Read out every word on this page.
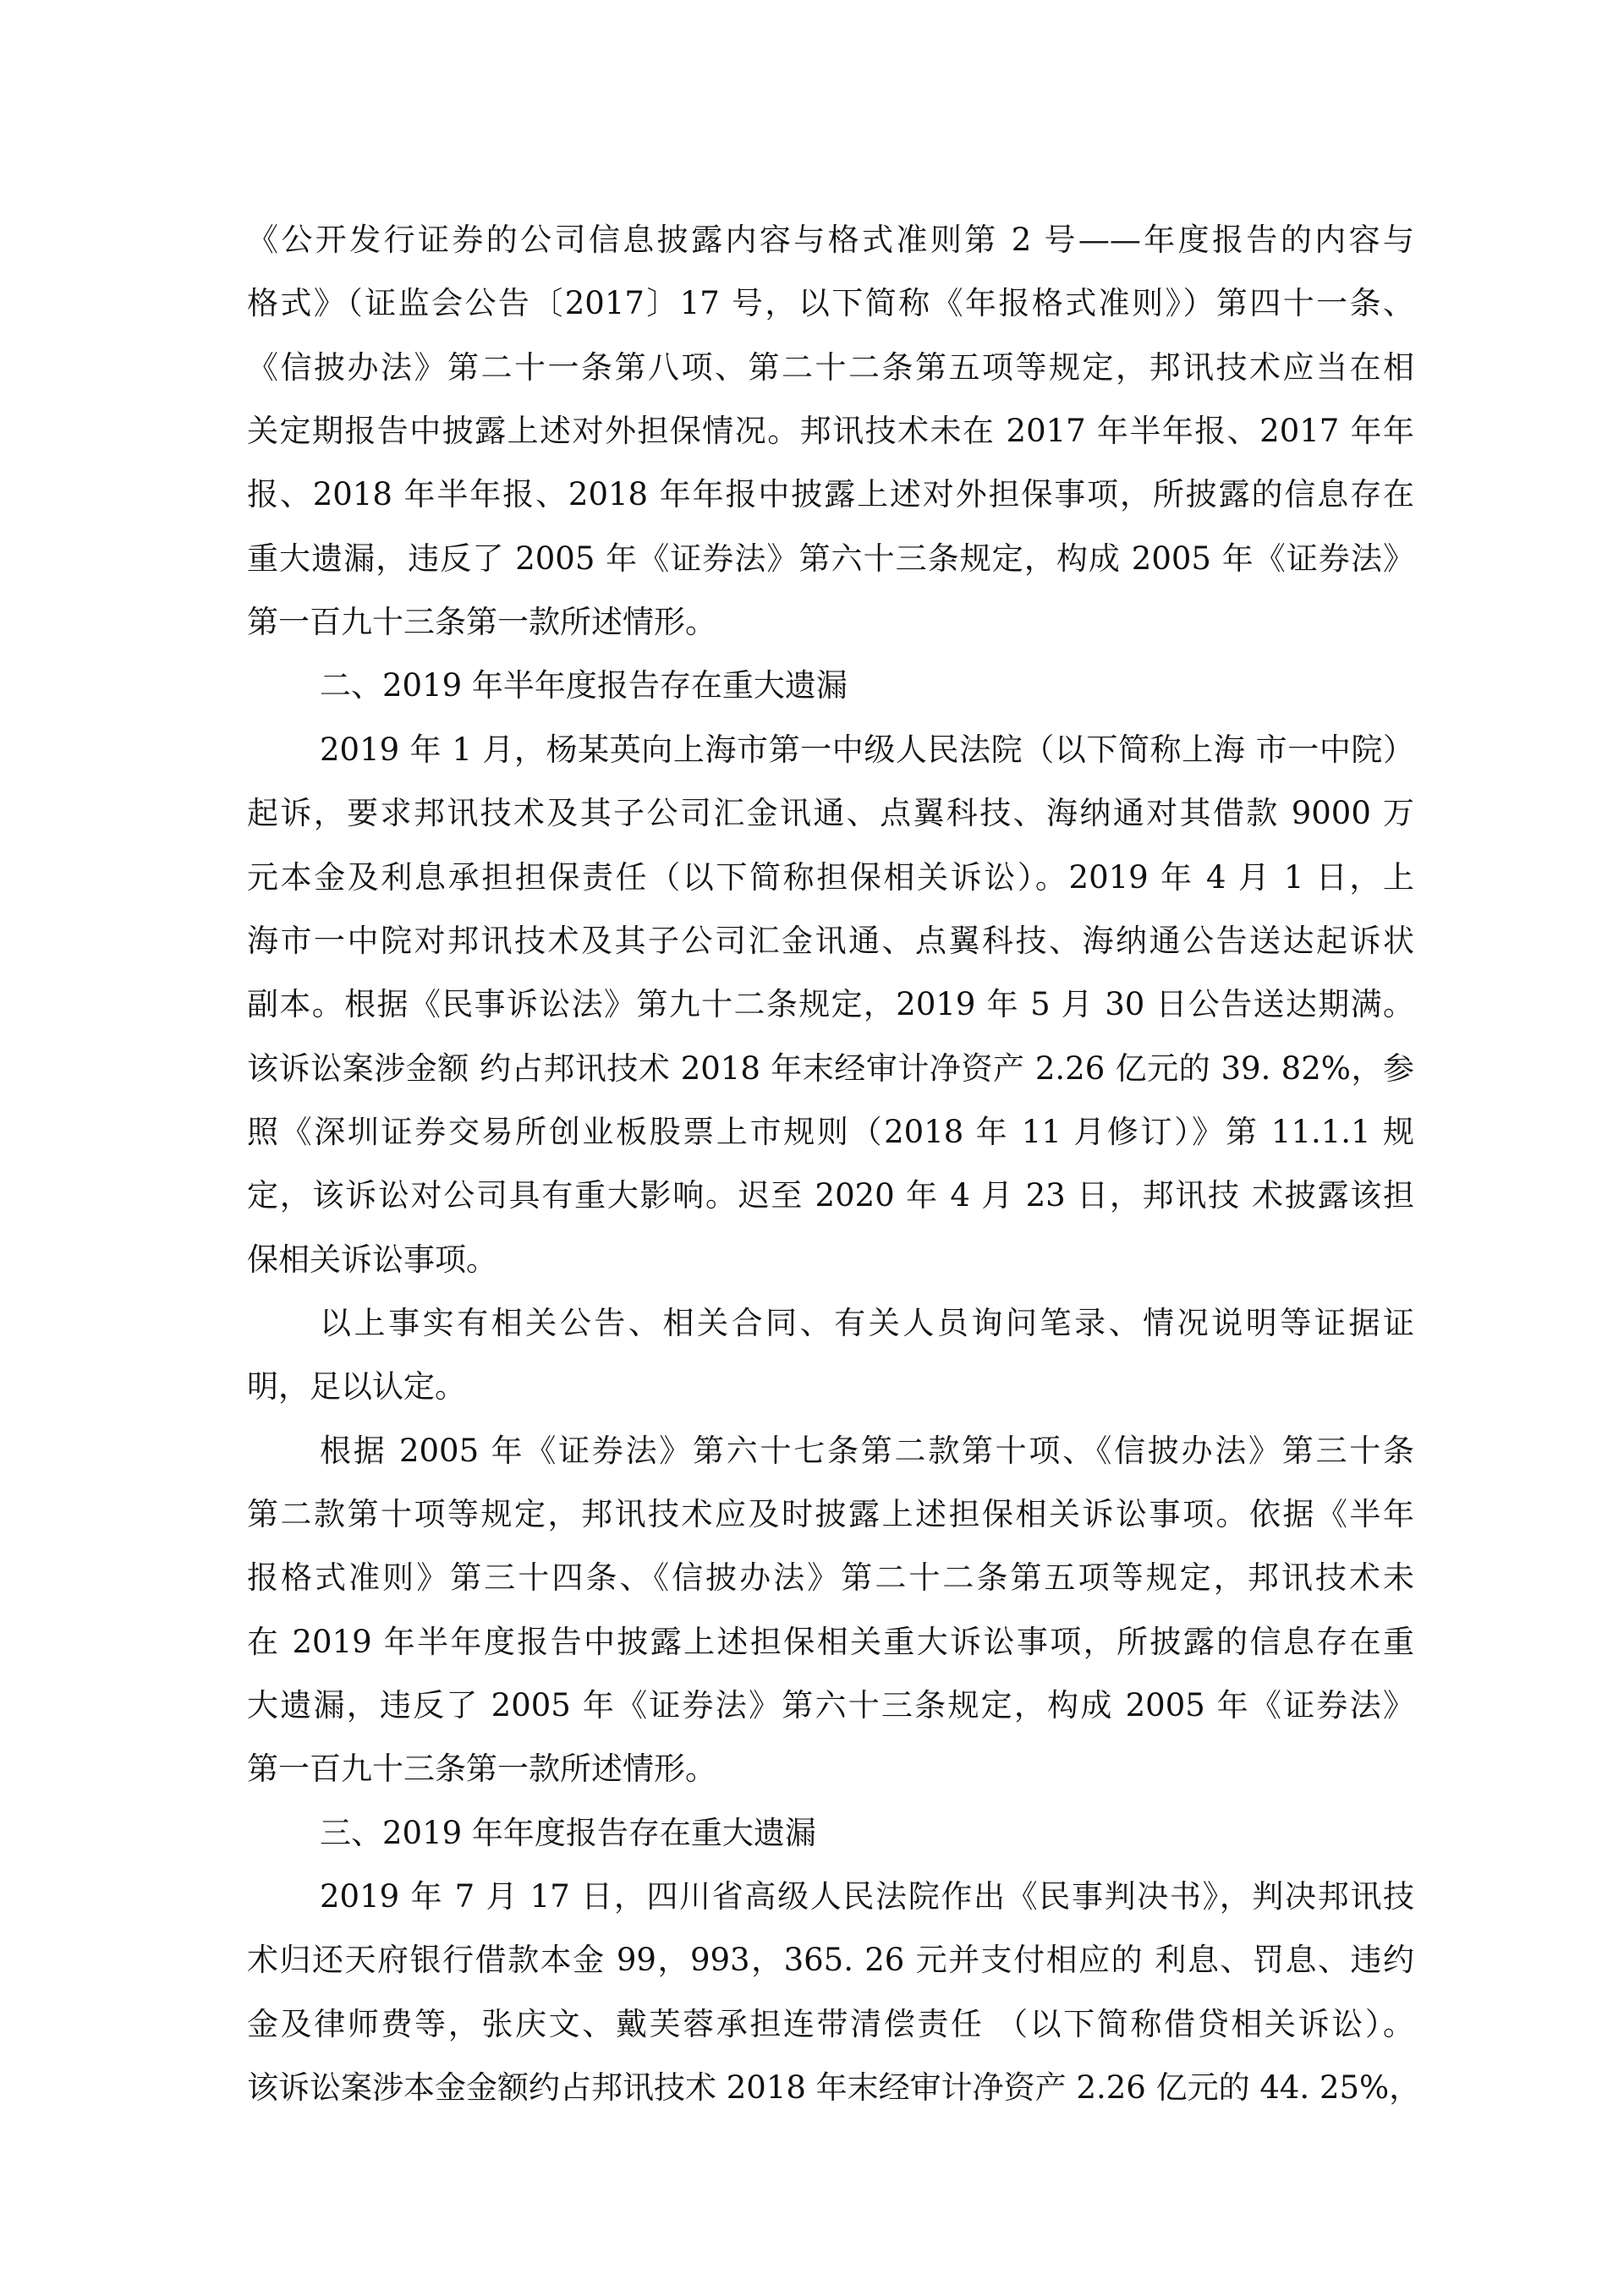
《公开发行证券的公司信息披露内容与格式准则第 2 号——年度报告的内容与
格式》（证监会公告〔2017〕17 号，以下简称《年报格式准则》）第四十一条、
《信披办法》第二十一条第八项、第二十二条第五项等规定，邦讯技术应当在相
关定期报告中披露上述对外担保情况。邦讯技术未在 2017 年半年报、2017 年年
报、2018 年半年报、2018 年年报中披露上述对外担保事项，所披露的信息存在
重大遗漏，违反了 2005 年《证券法》第六十三条规定，构成 2005 年《证券法》
第一百九十三条第一款所述情形。
二、2019 年半年度报告存在重大遗漏
2019 年 1 月，杨某英向上海市第一中级人民法院（以下简称上海 市一中院）
起诉，要求邦讯技术及其子公司汇金讯通、点翼科技、海纳通对其借款 9000 万
元本金及利息承担担保责任（以下简称担保相关诉讼）。2019 年 4 月 1 日，上
海市一中院对邦讯技术及其子公司汇金讯通、点翼科技、海纳通公告送达起诉状
副本。根据《民事诉讼法》第九十二条规定，2019 年 5 月 30 日公告送达期满。
该诉讼案涉金额 约占邦讯技术 2018 年末经审计净资产 2.26 亿元的 39. 82%，参
照《深圳证券交易所创业板股票上市规则（2018 年 11 月修订）》第 11.1.1 规
定，该诉讼对公司具有重大影响。迟至 2020 年 4 月 23 日，邦讯技 术披露该担
保相关诉讼事项。
以上事实有相关公告、相关合同、有关人员询问笔录、情况说明等证据证
明，足以认定。
根据 2005 年《证券法》第六十七条第二款第十项、《信披办法》第三十条
第二款第十项等规定，邦讯技术应及时披露上述担保相关诉讼事项。依据《半年
报格式准则》第三十四条、《信披办法》第二十二条第五项等规定，邦讯技术未
在 2019 年半年度报告中披露上述担保相关重大诉讼事项，所披露的信息存在重
大遗漏，违反了 2005 年《证券法》第六十三条规定，构成 2005 年《证券法》
第一百九十三条第一款所述情形。
三、2019 年年度报告存在重大遗漏
2019 年 7 月 17 日，四川省高级人民法院作出《民事判决书》，判决邦讯技
术归还天府银行借款本金 99，993，365. 26 元并支付相应的 利息、罚息、违约
金及律师费等，张庆文、戴芙蓉承担连带清偿责任 （以下简称借贷相关诉讼）。
该诉讼案涉本金金额约占邦讯技术 2018 年末经审计净资产 2.26 亿元的 44. 25%，
